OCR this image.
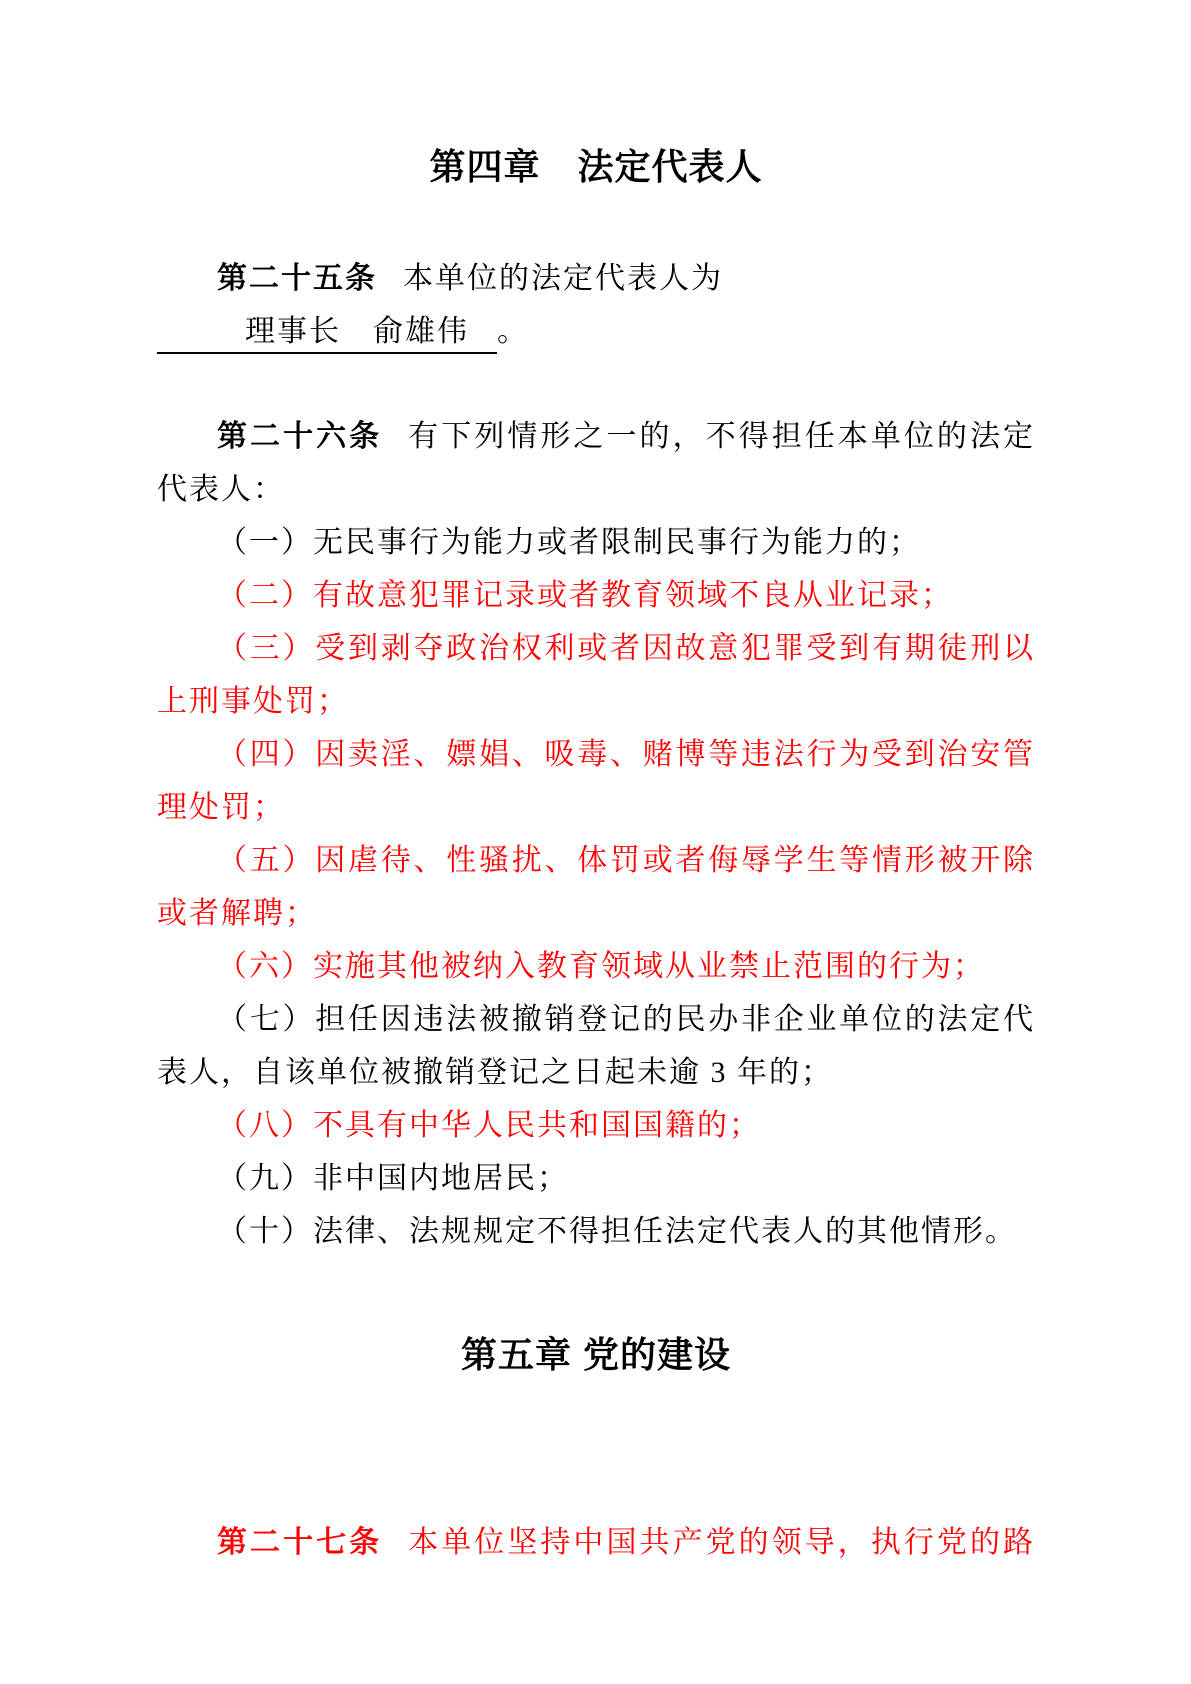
第四章　法定代表人

第二十五条 本单位的法定代表人为理事长　俞雄伟 。

第二十六条 有下列情形之一的，不得担任本单位的法定

代表人：

（一）无民事行为能力或者限制民事行为能力的；

（二）有故意犯罪记录或者教育领域不良从业记录；

（三）受到剥夺政治权利或者因故意犯罪受到有期徒刑以

上刑事处罚；

（四）因卖淫、嫖娼、吸毒、赌博等违法行为受到治安管

理处罚；

（五）因虐待、性骚扰、体罚或者侮辱学生等情形被开除

或者解聘；

（六）实施其他被纳入教育领域从业禁止范围的行为；

（七）担任因违法被撤销登记的民办非企业单位的法定代

表人，自该单位被撤销登记之日起未逾 3 年的；

（八）不具有中华人民共和国国籍的；

（九）非中国内地居民；

（十）法律、法规规定不得担任法定代表人的其他情形。

第五章 党的建设

第二十七条 本单位坚持中国共产党的领导，执行党的路
